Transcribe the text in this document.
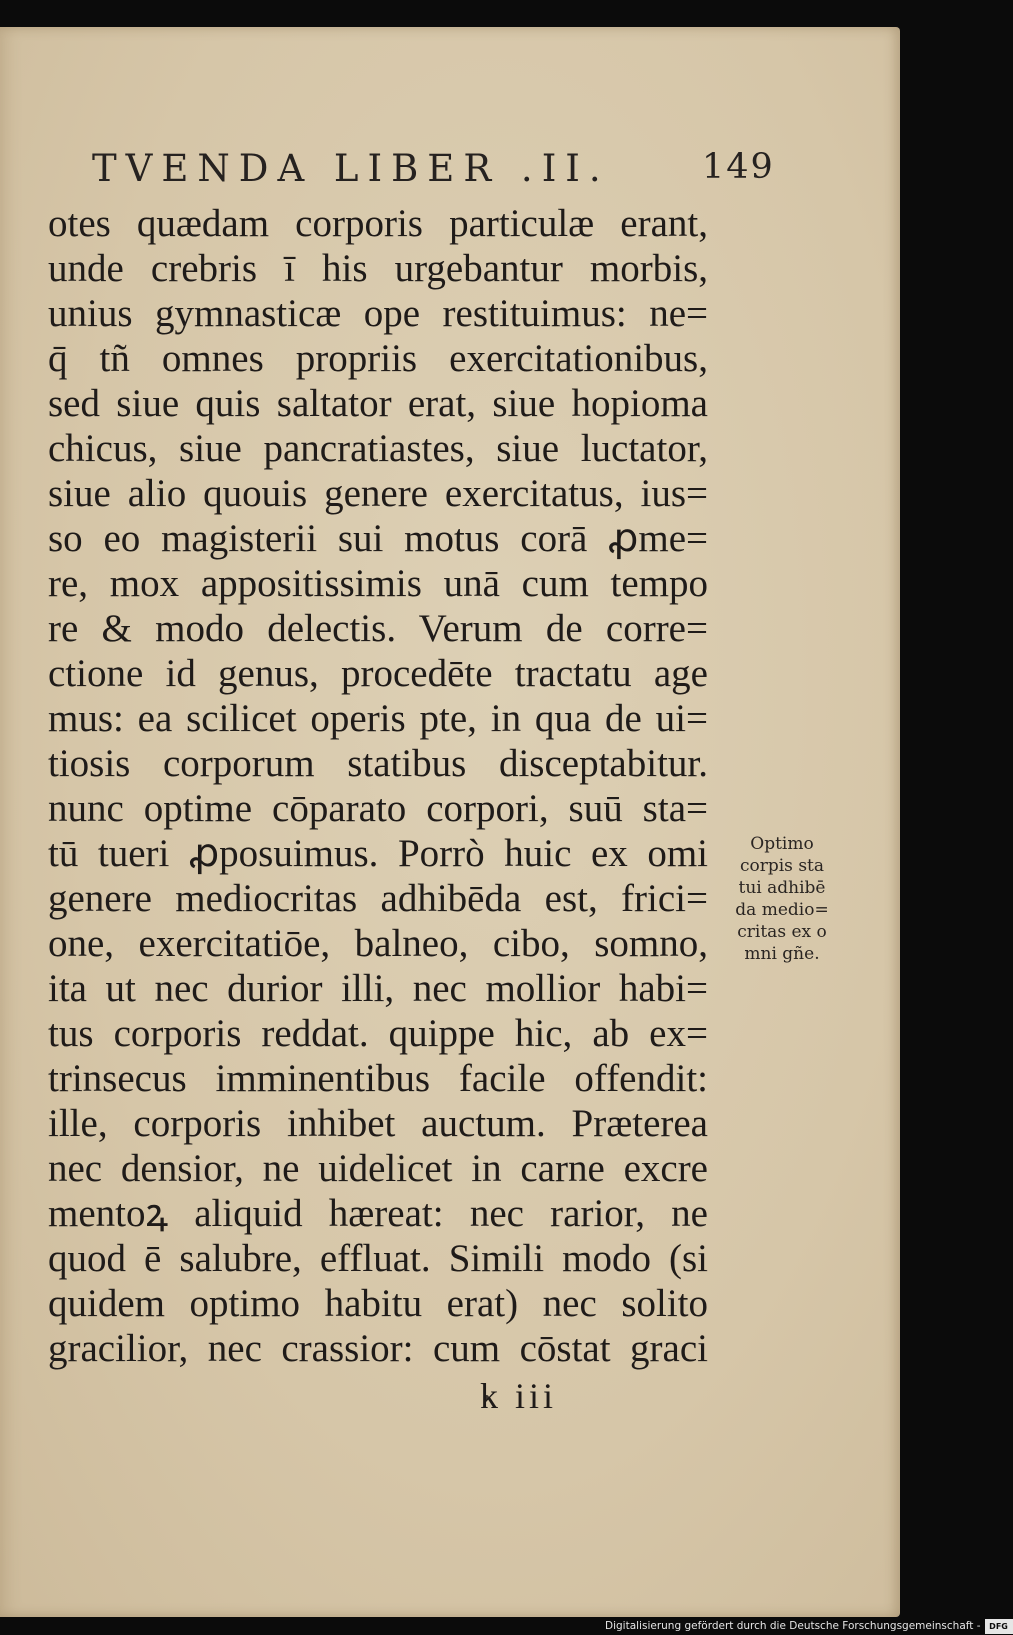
TVENDA LIBER .II.	149
otes quædam corporis particulæ erant,
unde crebris ī his urgebantur morbis,
unius gymnasticæ ope restituimus: ne=
q̄ tñ omnes propriis exercitationibus,
sed siue quis saltator erat, siue hopioma
chicus, siue pancratiastes, siue luctator,
siue alio quouis genere exercitatus, ius=
so eo magisterii sui motus corā ꝓme=
re, mox appositissimis unā cum tempo
re & modo delectis. Verum de corre=
ctione id genus, procedēte tractatu age
mus: ea scilicet operis pte, in qua de ui=
tiosis corporum statibus disceptabitur.
nunc optime cōparato corpori, suū sta=
tū tueri ꝓposuimus. Porrò huic ex omi
genere mediocritas adhibēda est, frici=
one, exercitatiōe, balneo, cibo, somno,
ita ut nec durior illi, nec mollior habi=
tus corporis reddat. quippe hic, ab ex=
trinsecus imminentibus facile offendit:
ille, corporis inhibet auctum. Præterea
nec densior, ne uidelicet in carne excre
mentoꝝ aliquid hæreat: nec rarior, ne
quod ē salubre, effluat. Simili modo (si
quidem optimo habitu erat) nec solito
gracilior, nec crassior: cum cōstat graci
Optimo
corpis sta
tui adhibē
da medio=
critas ex o
mni gñe.
k iii
Digitalisierung gefördert durch die Deutsche Forschungsgemeinschaft -	DFG
